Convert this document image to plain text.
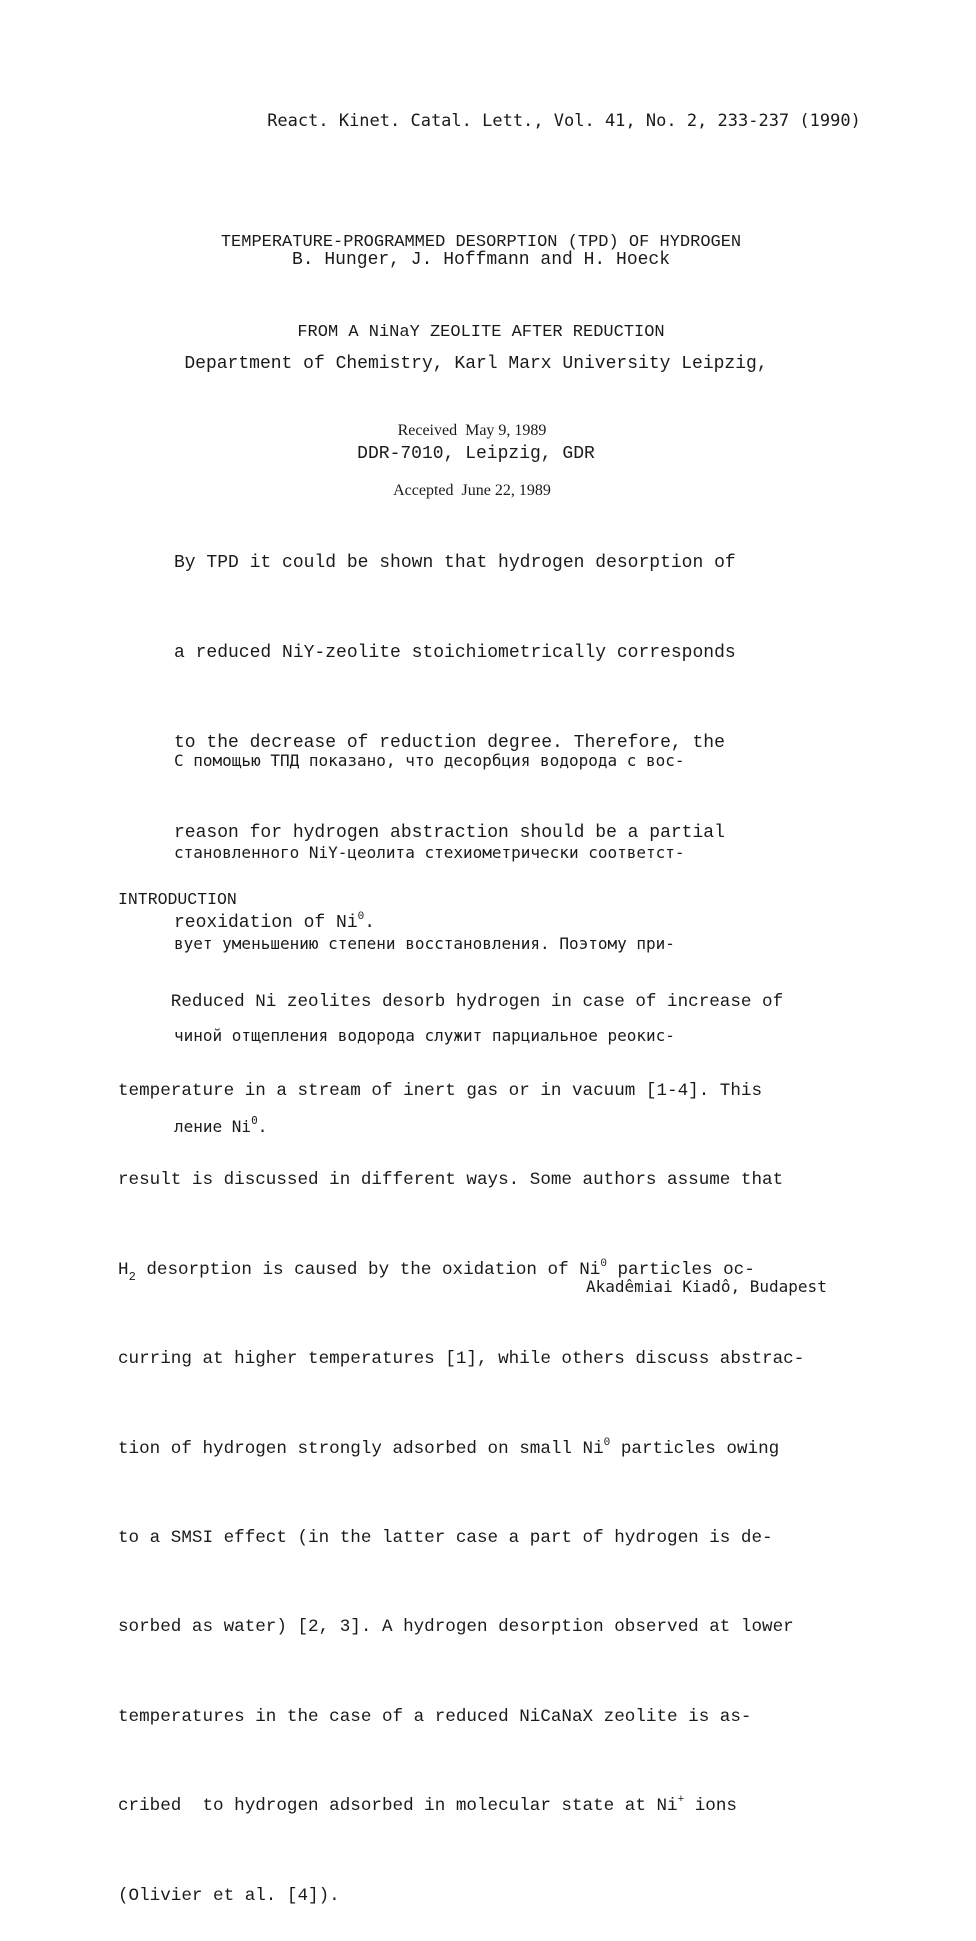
React. Kinet. Catal. Lett., Vol. 41, No. 2, 233-237 (1990)

TEMPERATURE-PROGRAMMED DESORPTION (TPD) OF HYDROGEN

FROM A NiNaY ZEOLITE AFTER REDUCTION

B. Hunger, J. Hoffmann and H. Hoeck

Department of Chemistry, Karl Marx University Leipzig,

DDR-7010, Leipzig, GDR

Received  May 9, 1989

Accepted  June 22, 1989

By TPD it could be shown that hydrogen desorption of

a reduced NiY-zeolite stoichiometrically corresponds

to the decrease of reduction degree. Therefore, the

reason for hydrogen abstraction should be a partial

reoxidation of Ni$^0$.

С помощью ТПД показано, что десорбция водорода с вос-

становленного NiY-цеолита стехиометрически соответст-

вует уменьшению степени восстановления. Поэтому при-

чиной отщепления водорода служит парциальное реокис-

ление Ni$^0$.

INTRODUCTION

Reduced Ni zeolites desorb hydrogen in case of increase of

temperature in a stream of inert gas or in vacuum [1-4]. This

result is discussed in different ways. Some authors assume that

$H_2$ desorption is caused by the oxidation of Ni$^0$ particles oc-

curring at higher temperatures [1], while others discuss abstrac-

tion of hydrogen strongly adsorbed on small Ni$^0$ particles owing

to a SMSI effect (in the latter case a part of hydrogen is de-

sorbed as water) [2, 3]. A hydrogen desorption observed at lower

temperatures in the case of a reduced NiCaNaX zeolite is as-

cribed  to hydrogen adsorbed in molecular state at Ni+ ions

(Olivier et al. [4]).

Akadêmiai Kiadô, Budapest
